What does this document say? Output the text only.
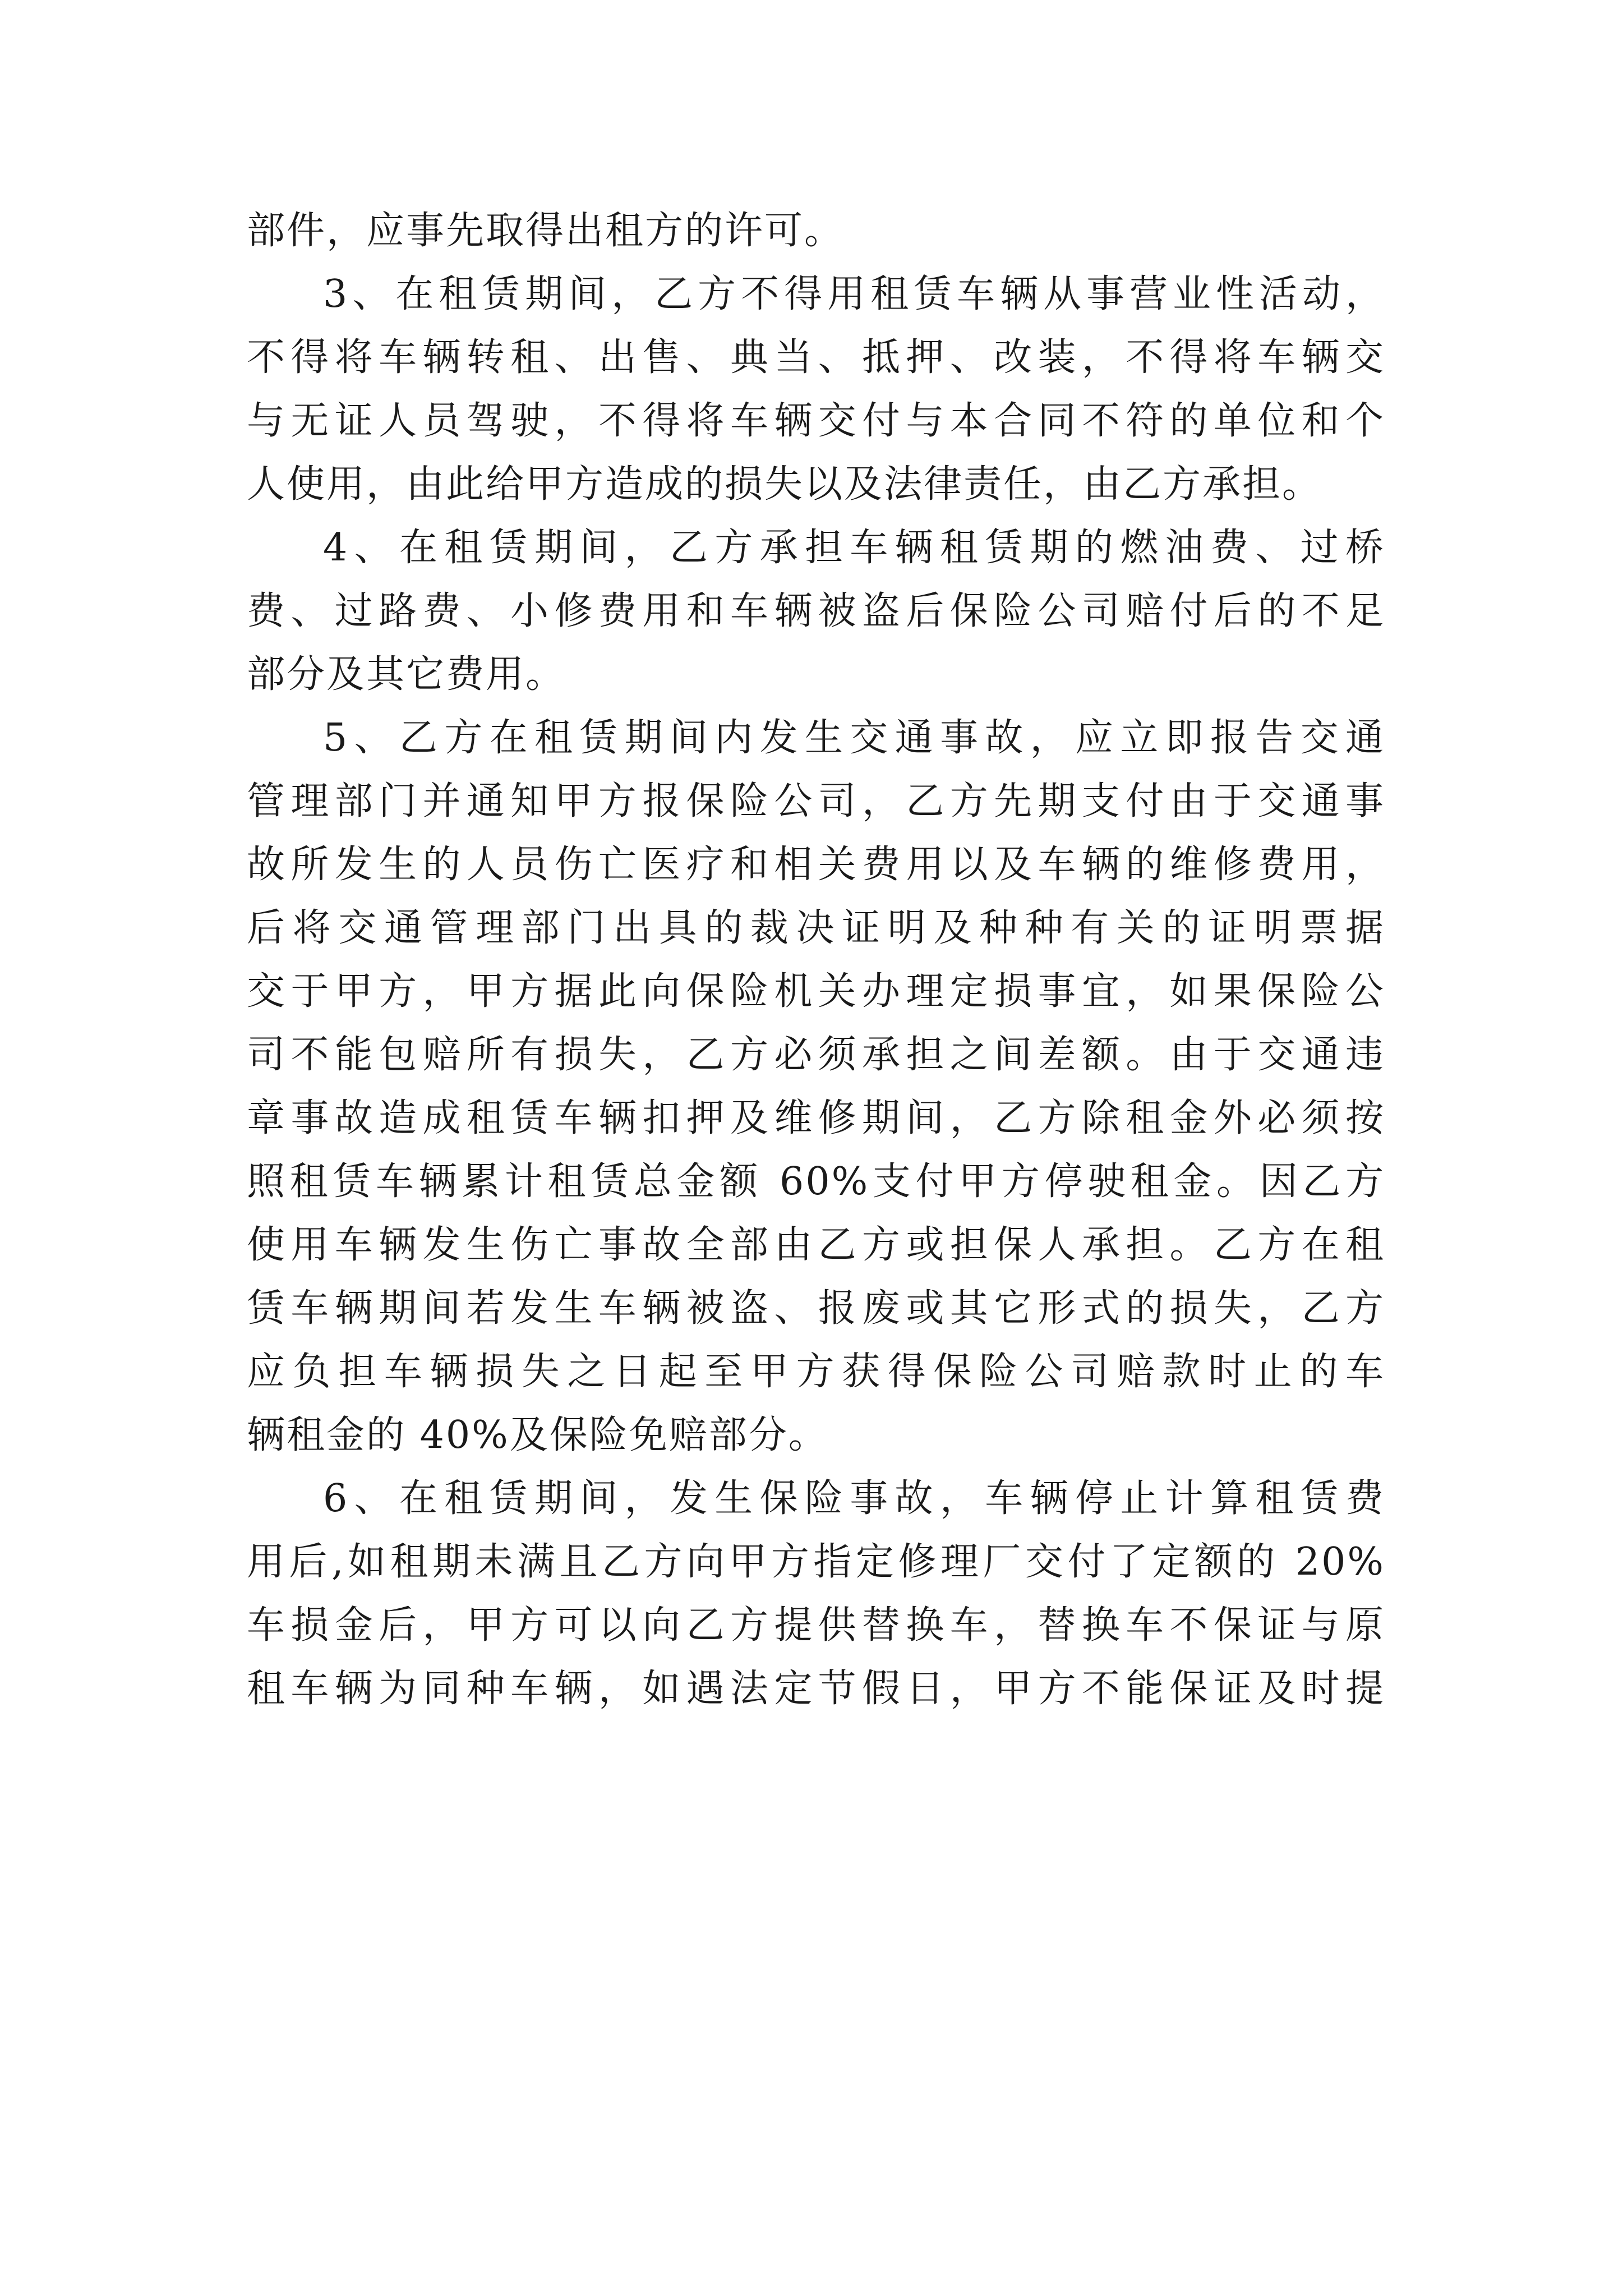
部件，应事先取得出租方的许可。

3、在租赁期间，乙方不得用租赁车辆从事营业性活动，
不得将车辆转租、出售、典当、抵押、改装，不得将车辆交
与无证人员驾驶，不得将车辆交付与本合同不符的单位和个
人使用，由此给甲方造成的损失以及法律责任，由乙方承担。

4、在租赁期间，乙方承担车辆租赁期的燃油费、过桥
费、过路费、小修费用和车辆被盗后保险公司赔付后的不足
部分及其它费用。

5、乙方在租赁期间内发生交通事故，应立即报告交通
管理部门并通知甲方报保险公司，乙方先期支付由于交通事
故所发生的人员伤亡医疗和相关费用以及车辆的维修费用，
后将交通管理部门出具的裁决证明及种种有关的证明票据
交于甲方，甲方据此向保险机关办理定损事宜，如果保险公
司不能包赔所有损失，乙方必须承担之间差额。由于交通违
章事故造成租赁车辆扣押及维修期间，乙方除租金外必须按
照租赁车辆累计租赁总金额 60%支付甲方停驶租金。因乙方
使用车辆发生伤亡事故全部由乙方或担保人承担。乙方在租
赁车辆期间若发生车辆被盗、报废或其它形式的损失，乙方
应负担车辆损失之日起至甲方获得保险公司赔款时止的车
辆租金的 40%及保险免赔部分。

6、在租赁期间，发生保险事故，车辆停止计算租赁费
用后,如租期未满且乙方向甲方指定修理厂交付了定额的 20%
车损金后，甲方可以向乙方提供替换车，替换车不保证与原
租车辆为同种车辆，如遇法定节假日，甲方不能保证及时提
